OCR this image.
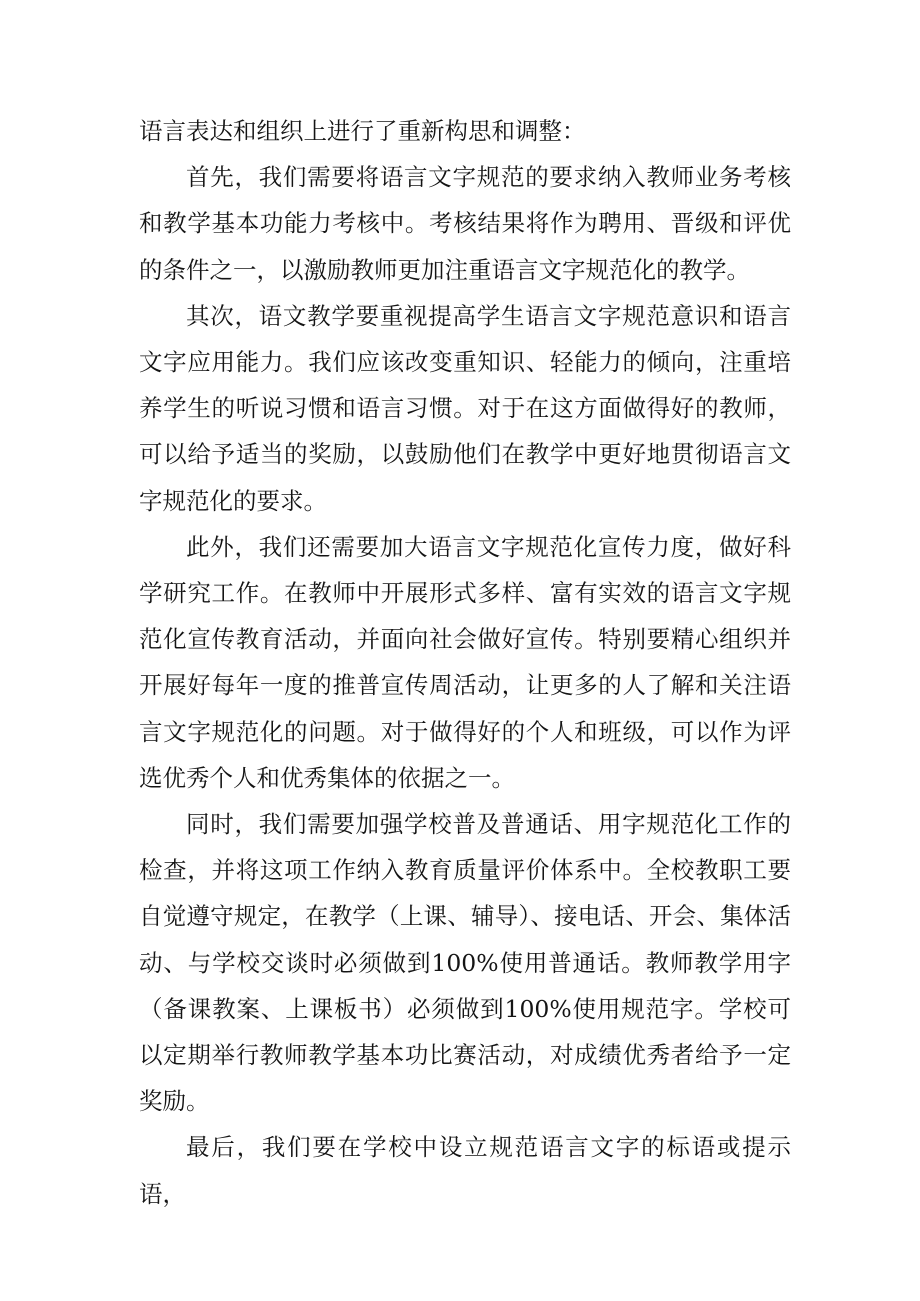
语言表达和组织上进行了重新构思和调整：

首先，我们需要将语言文字规范的要求纳入教师业务考核和教学基本功能力考核中。考核结果将作为聘用、晋级和评优的条件之一，以激励教师更加注重语言文字规范化的教学。

其次，语文教学要重视提高学生语言文字规范意识和语言文字应用能力。我们应该改变重知识、轻能力的倾向，注重培养学生的听说习惯和语言习惯。对于在这方面做得好的教师，可以给予适当的奖励，以鼓励他们在教学中更好地贯彻语言文字规范化的要求。

此外，我们还需要加大语言文字规范化宣传力度，做好科学研究工作。在教师中开展形式多样、富有实效的语言文字规范化宣传教育活动，并面向社会做好宣传。特别要精心组织并开展好每年一度的推普宣传周活动，让更多的人了解和关注语言文字规范化的问题。对于做得好的个人和班级，可以作为评选优秀个人和优秀集体的依据之一。

同时，我们需要加强学校普及普通话、用字规范化工作的检查，并将这项工作纳入教育质量评价体系中。全校教职工要自觉遵守规定，在教学（上课、辅导）、接电话、开会、集体活动、与学校交谈时必须做到100%使用普通话。教师教学用字（备课教案、上课板书）必须做到100%使用规范字。学校可以定期举行教师教学基本功比赛活动，对成绩优秀者给予一定奖励。

最后，我们要在学校中设立规范语言文字的标语或提示语，
